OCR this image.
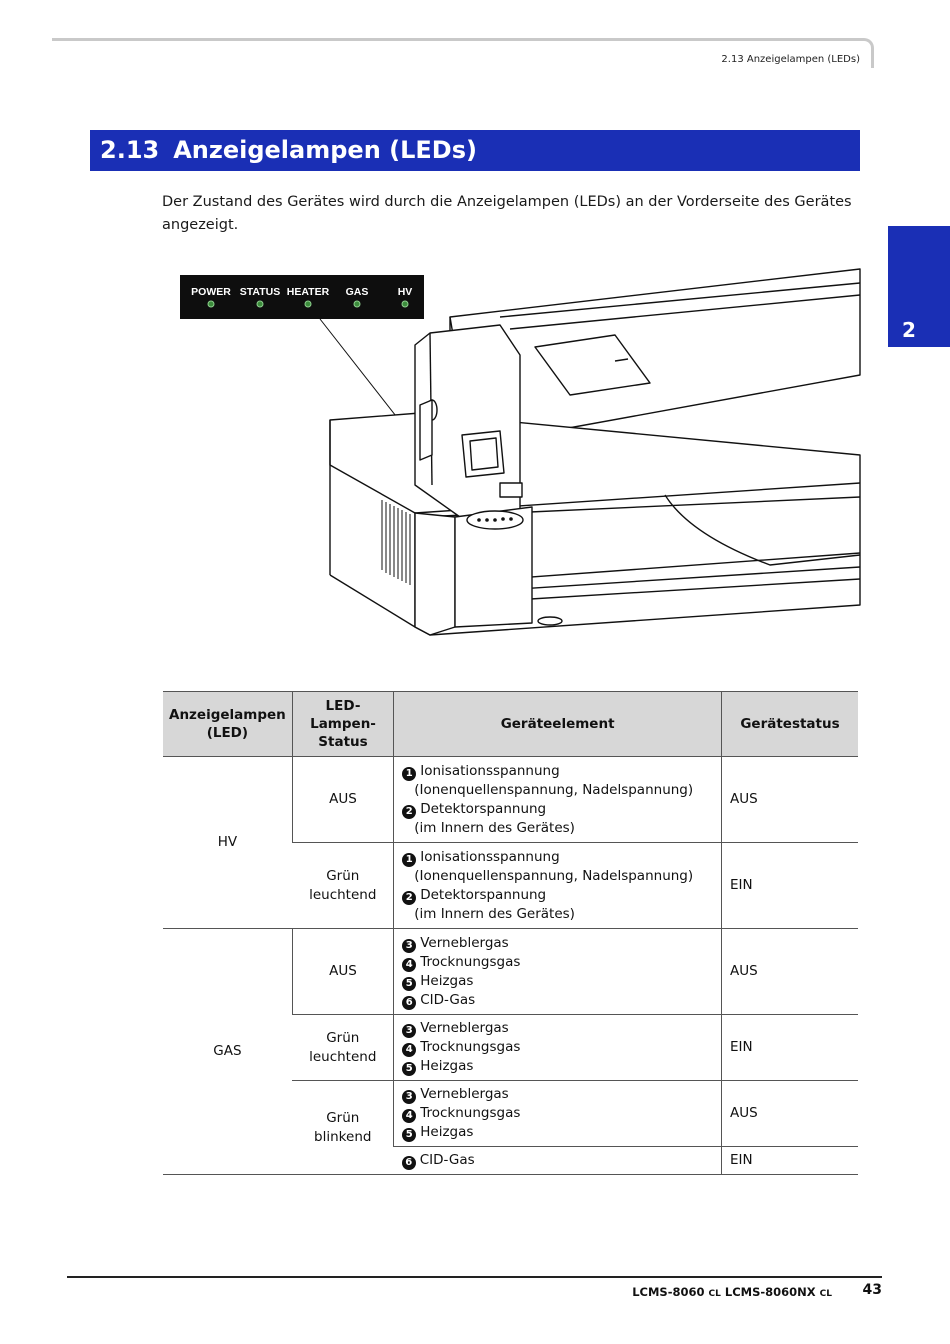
2.13 Anzeigelampen (LEDs)
2.13 Anzeigelampen (LEDs)
2
Der Zustand des Gerätes wird durch die Anzeigelampen (LEDs) an der Vorderseite des Gerätes angezeigt.
POWER STATUS HEATER GAS	HV
Anzeigelampen (LED)	LED-Lampen-Status	Geräteelement	Gerätestatus
HV	AUS	1 Ionisationsspannung
(Ionenquellenspannung, Nadelspannung)
2 Detektorspannung
(im Innern des Gerätes)	AUS
	Grün leuchtend	1 Ionisationsspannung
(Ionenquellenspannung, Nadelspannung)
2 Detektorspannung
(im Innern des Gerätes)	EIN
GAS	AUS	3 Verneblergas
4 Trocknungsgas
5 Heizgas
6 CID-Gas	AUS
	Grün leuchtend	3 Verneblergas
4 Trocknungsgas
5 Heizgas	EIN
	Grün blinkend	3 Verneblergas
4 Trocknungsgas
5 Heizgas	AUS

		6 CID-Gas	EIN
LCMS-8060 CL LCMS-8060NX CL 43
